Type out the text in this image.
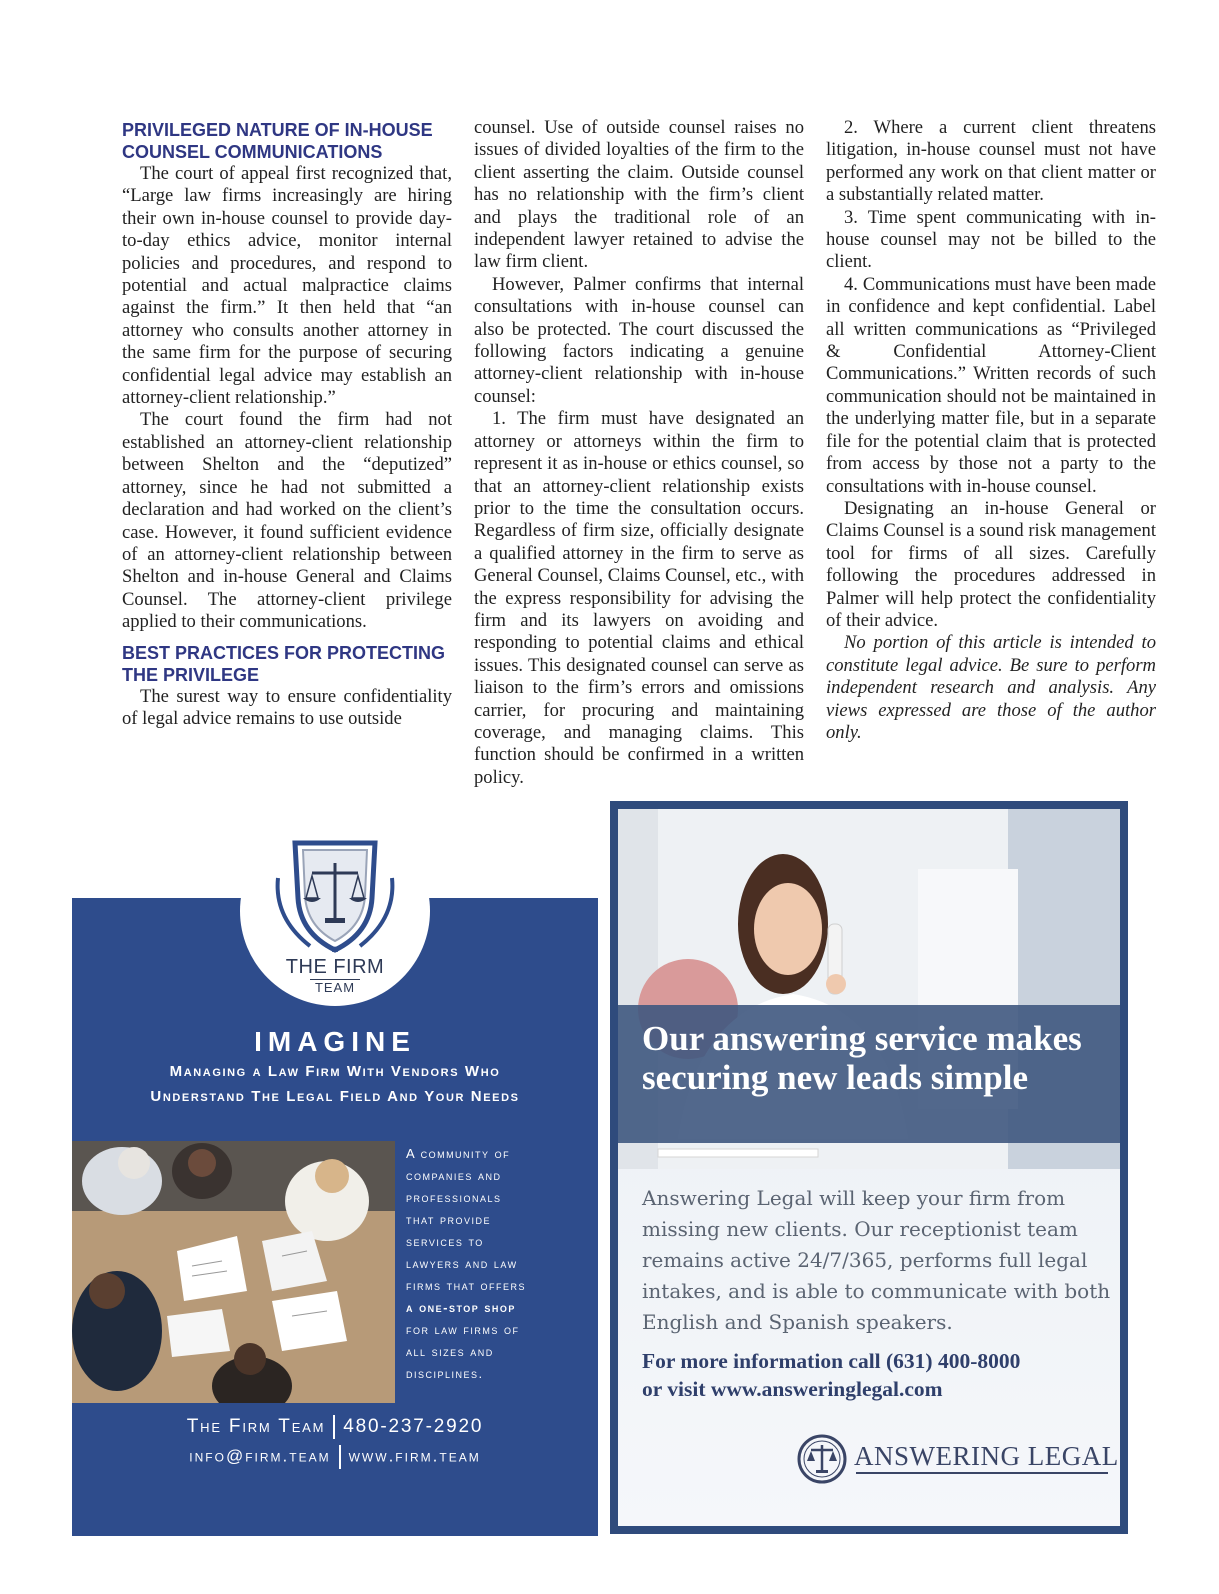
PRIVILEGED NATURE OF IN-HOUSE COUNSEL COMMUNICATIONS

The court of appeal first recognized that, “Large law firms increasingly are hiring their own in-house counsel to provide day-to-day ethics advice, monitor internal policies and procedures, and respond to potential and actual malpractice claims against the firm.” It then held that “an attorney who consults another attorney in the same firm for the purpose of securing confidential legal advice may establish an attorney-client relationship.”

The court found the firm had not established an attorney-client relationship between Shelton and the “deputized” attorney, since he had not submitted a declaration and had worked on the client’s case. However, it found sufficient evidence of an attorney-client relationship between Shelton and in-house General and Claims Counsel. The attorney-client privilege applied to their communications.

BEST PRACTICES FOR PROTECTING THE PRIVILEGE

The surest way to ensure confidentiality of legal advice remains to use outside

counsel. Use of outside counsel raises no issues of divided loyalties of the firm to the client asserting the claim. Outside counsel has no relationship with the firm’s client and plays the traditional role of an independent lawyer retained to advise the law firm client.

However, Palmer confirms that internal consultations with in-house counsel can also be protected. The court discussed the following factors indicating a genuine attorney-client relationship with in-house counsel:

1. The firm must have designated an attorney or attorneys within the firm to represent it as in-house or ethics counsel, so that an attorney-client relationship exists prior to the time the consultation occurs. Regardless of firm size, officially designate a qualified attorney in the firm to serve as General Counsel, Claims Counsel, etc., with the express responsibility for advising the firm and its lawyers on avoiding and responding to potential claims and ethical issues. This designated counsel can serve as liaison to the firm’s errors and omissions carrier, for procuring and maintaining coverage, and managing claims. This function should be confirmed in a written policy.

2. Where a current client threatens litigation, in-house counsel must not have performed any work on that client matter or a substantially related matter.

3. Time spent communicating with in-house counsel may not be billed to the client.

4. Communications must have been made in confidence and kept confidential. Label all written communications as “Privileged & Confidential Attorney-Client Communications.” Written records of such communication should not be maintained in the underlying matter file, but in a separate file for the potential claim that is protected from access by those not a party to the consultations with in-house counsel.

Designating an in-house General or Claims Counsel is a sound risk management tool for firms of all sizes. Carefully following the procedures addressed in Palmer will help protect the confidentiality of their advice.

No portion of this article is intended to constitute legal advice. Be sure to perform independent research and analysis. Any views expressed are those of the author only.

IMAGINE
Managing a Law Firm With Vendors Who
Understand The Legal Field And Your Needs
A community of
companies and
professionals
that provide
services to
lawyers and law
firms that offers
a one-stop shop
for law firms of
all sizes and
disciplines.
The Firm Team 480-237-2920
info@firm.team www.firm.team
THE FIRM
TEAM
Our answering service makes
securing new leads simple
Answering Legal will keep your firm from missing new clients. Our receptionist team remains active 24/7/365, performs full legal intakes, and is able to communicate with both English and Spanish speakers.
For more information call (631) 400-8000
or visit www.answeringlegal.com
ANSWERING LEGAL
